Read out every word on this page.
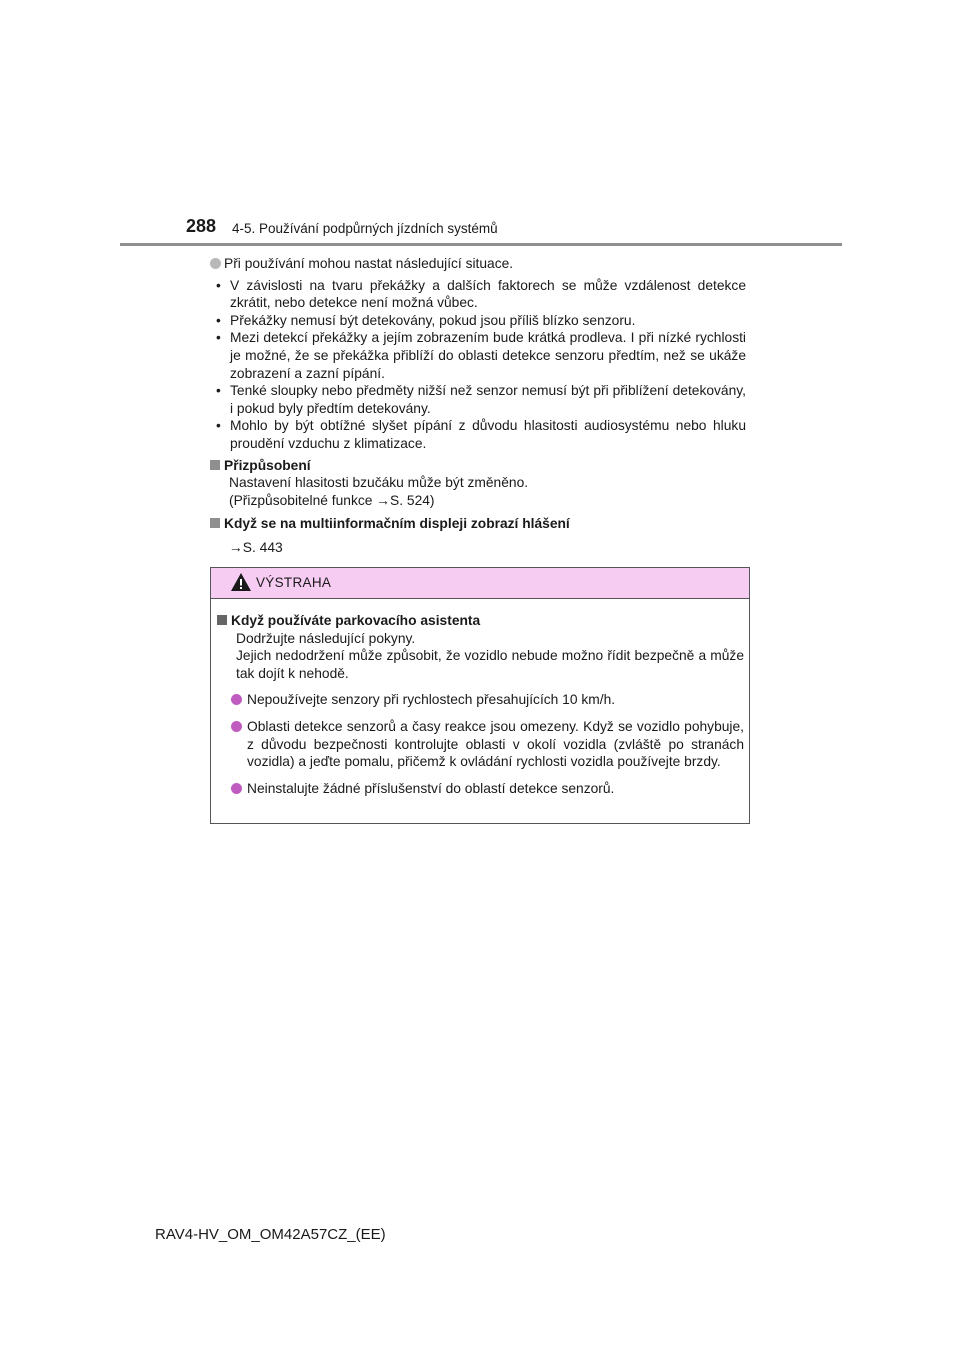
288 4-5. Používání podpůrných jízdních systémů
Při používání mohou nastat následující situace.
• V závislosti na tvaru překážky a dalších faktorech se může vzdálenost detekce zkrátit, nebo detekce není možná vůbec.
• Překážky nemusí být detekovány, pokud jsou příliš blízko senzoru.
• Mezi detekcí překážky a jejím zobrazením bude krátká prodleva. I při nízké rychlosti je možné, že se překážka přiblíží do oblasti detekce senzoru předtím, než se ukáže zobrazení a zazní pípání.
• Tenké sloupky nebo předměty nižší než senzor nemusí být při přiblížení detekovány, i pokud byly předtím detekovány.
• Mohlo by být obtížné slyšet pípání z důvodu hlasitosti audiosystému nebo hluku proudění vzduchu z klimatizace.
Přizpůsobení
Nastavení hlasitosti bzučáku může být změněno.
(Přizpůsobitelné funkce →S. 524)
Když se na multiinformačním displeji zobrazí hlášení
→S. 443
VÝSTRAHA
Když používáte parkovacího asistenta
Dodržujte následující pokyny.
Jejich nedodržení může způsobit, že vozidlo nebude možno řídit bezpečně a může tak dojít k nehodě.
Nepoužívejte senzory při rychlostech přesahujících 10 km/h.
Oblasti detekce senzorů a časy reakce jsou omezeny. Když se vozidlo pohybuje, z důvodu bezpečnosti kontrolujte oblasti v okolí vozidla (zvláště po stranách vozidla) a jeďte pomalu, přičemž k ovládání rychlosti vozidla používejte brzdy.
Neinstalujte žádné příslušenství do oblastí detekce senzorů.
RAV4-HV_OM_OM42A57CZ_(EE)
